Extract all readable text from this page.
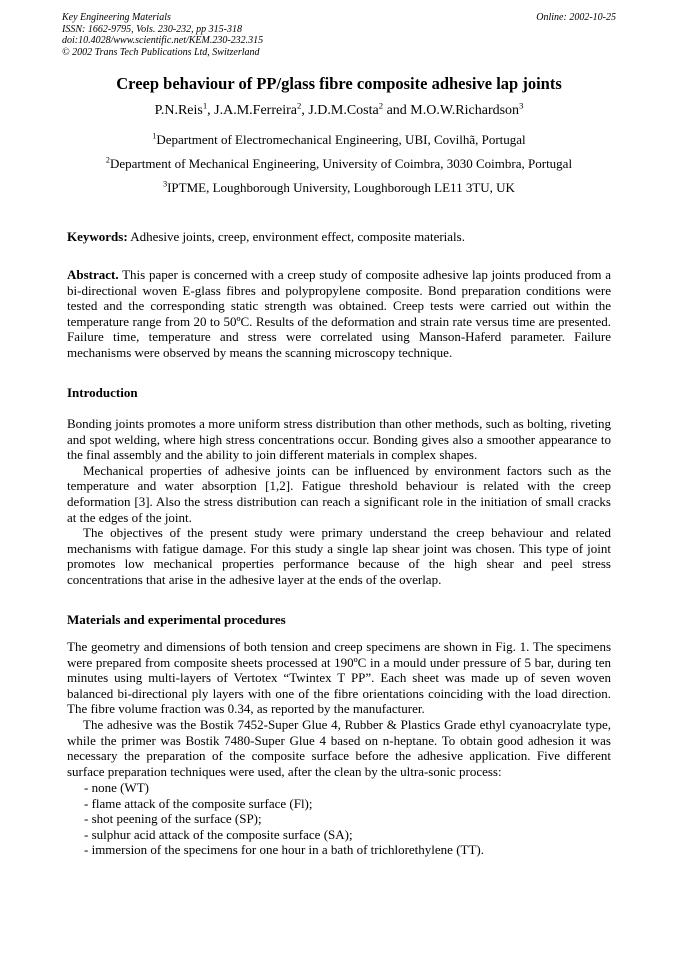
Key Engineering Materials
ISSN: 1662-9795, Vols. 230-232, pp 315-318
doi:10.4028/www.scientific.net/KEM.230-232.315
© 2002 Trans Tech Publications Ltd, Switzerland
Online: 2002-10-25
Creep behaviour of PP/glass fibre composite adhesive lap joints
P.N.Reis$^1$, J.A.M.Ferreira$^2$, J.D.M.Costa$^2$ and M.O.W.Richardson$^3$
$^1$Department of Electromechanical Engineering, UBI, Covilhã, Portugal
$^2$Department of Mechanical Engineering, University of Coimbra, 3030 Coimbra, Portugal
$^3$IPTME, Loughborough University, Loughborough LE11 3TU, UK
Keywords: Adhesive joints, creep, environment effect, composite materials.
Abstract. This paper is concerned with a creep study of composite adhesive lap joints produced from a bi-directional woven E-glass fibres and polypropylene composite. Bond preparation conditions were tested and the corresponding static strength was obtained. Creep tests were carried out within the temperature range from 20 to 50ºC. Results of the deformation and strain rate versus time are presented. Failure time, temperature and stress were correlated using Manson-Haferd parameter. Failure mechanisms were observed by means the scanning microscopy technique.
Introduction
Bonding joints promotes a more uniform stress distribution than other methods, such as bolting, riveting and spot welding, where high stress concentrations occur. Bonding gives also a smoother appearance to the final assembly and the ability to join different materials in complex shapes.
Mechanical properties of adhesive joints can be influenced by environment factors such as the temperature and water absorption [1,2]. Fatigue threshold behaviour is related with the creep deformation [3]. Also the stress distribution can reach a significant role in the initiation of small cracks at the edges of the joint.
The objectives of the present study were primary understand the creep behaviour and related mechanisms with fatigue damage. For this study a single lap shear joint was chosen. This type of joint promotes low mechanical properties performance because of the high shear and peel stress concentrations that arise in the adhesive layer at the ends of the overlap.
Materials and experimental procedures
The geometry and dimensions of both tension and creep specimens are shown in Fig. 1. The specimens were prepared from composite sheets processed at 190ºC in a mould under pressure of 5 bar, during ten minutes using multi-layers of Vertotex “Twintex T PP”. Each sheet was made up of seven woven balanced bi-directional ply layers with one of the fibre orientations coinciding with the load direction. The fibre volume fraction was 0.34, as reported by the manufacturer.
The adhesive was the Bostik 7452-Super Glue 4, Rubber & Plastics Grade ethyl cyanoacrylate type, while the primer was Bostik 7480-Super Glue 4 based on n-heptane. To obtain good adhesion it was necessary the preparation of the composite surface before the adhesive application. Five different surface preparation techniques were used, after the clean by the ultra-sonic process:
- none (WT)
- flame attack of the composite surface (Fl);
- shot peening of the surface (SP);
- sulphur acid attack of the composite surface (SA);
- immersion of the specimens for one hour in a bath of trichlorethylene (TT).
